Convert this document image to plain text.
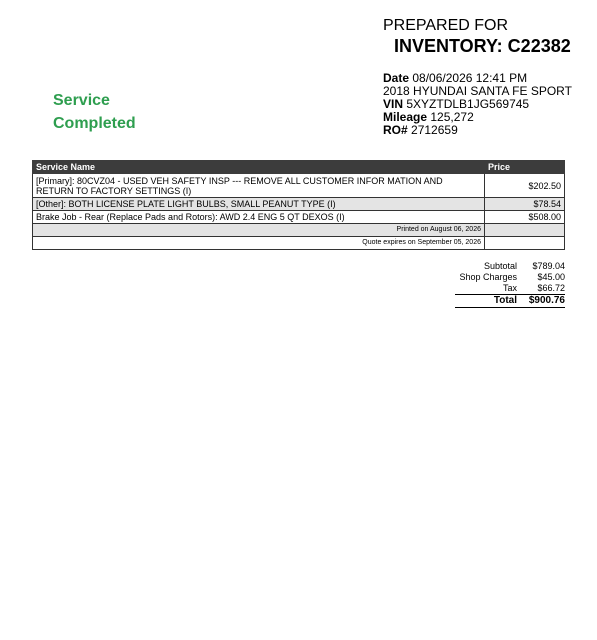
Service
Completed
PREPARED FOR
INVENTORY: C22382
Date 08/06/2026 12:41 PM
2018 HYUNDAI SANTA FE SPORT
VIN 5XYZTDLB1JG569745
Mileage 125,272
RO# 2712659
Service Name	Price
[Primary]: 80CVZ04 - USED VEH SAFETY INSP --- REMOVE ALL CUSTOMER INFOR MATION AND RETURN TO FACTORY SETTINGS (I)	$202.50
[Other]: BOTH LICENSE PLATE LIGHT BULBS, SMALL PEANUT TYPE (I)	$78.54
Brake Job - Rear (Replace Pads and Rotors): AWD 2.4 ENG 5 QT DEXOS (I)	$508.00
Printed on August 06, 2026	
Quote expires on September 05, 2026	
Subtotal	$789.04
Shop Charges	$45.00
Tax	$66.72
Total	$900.76
